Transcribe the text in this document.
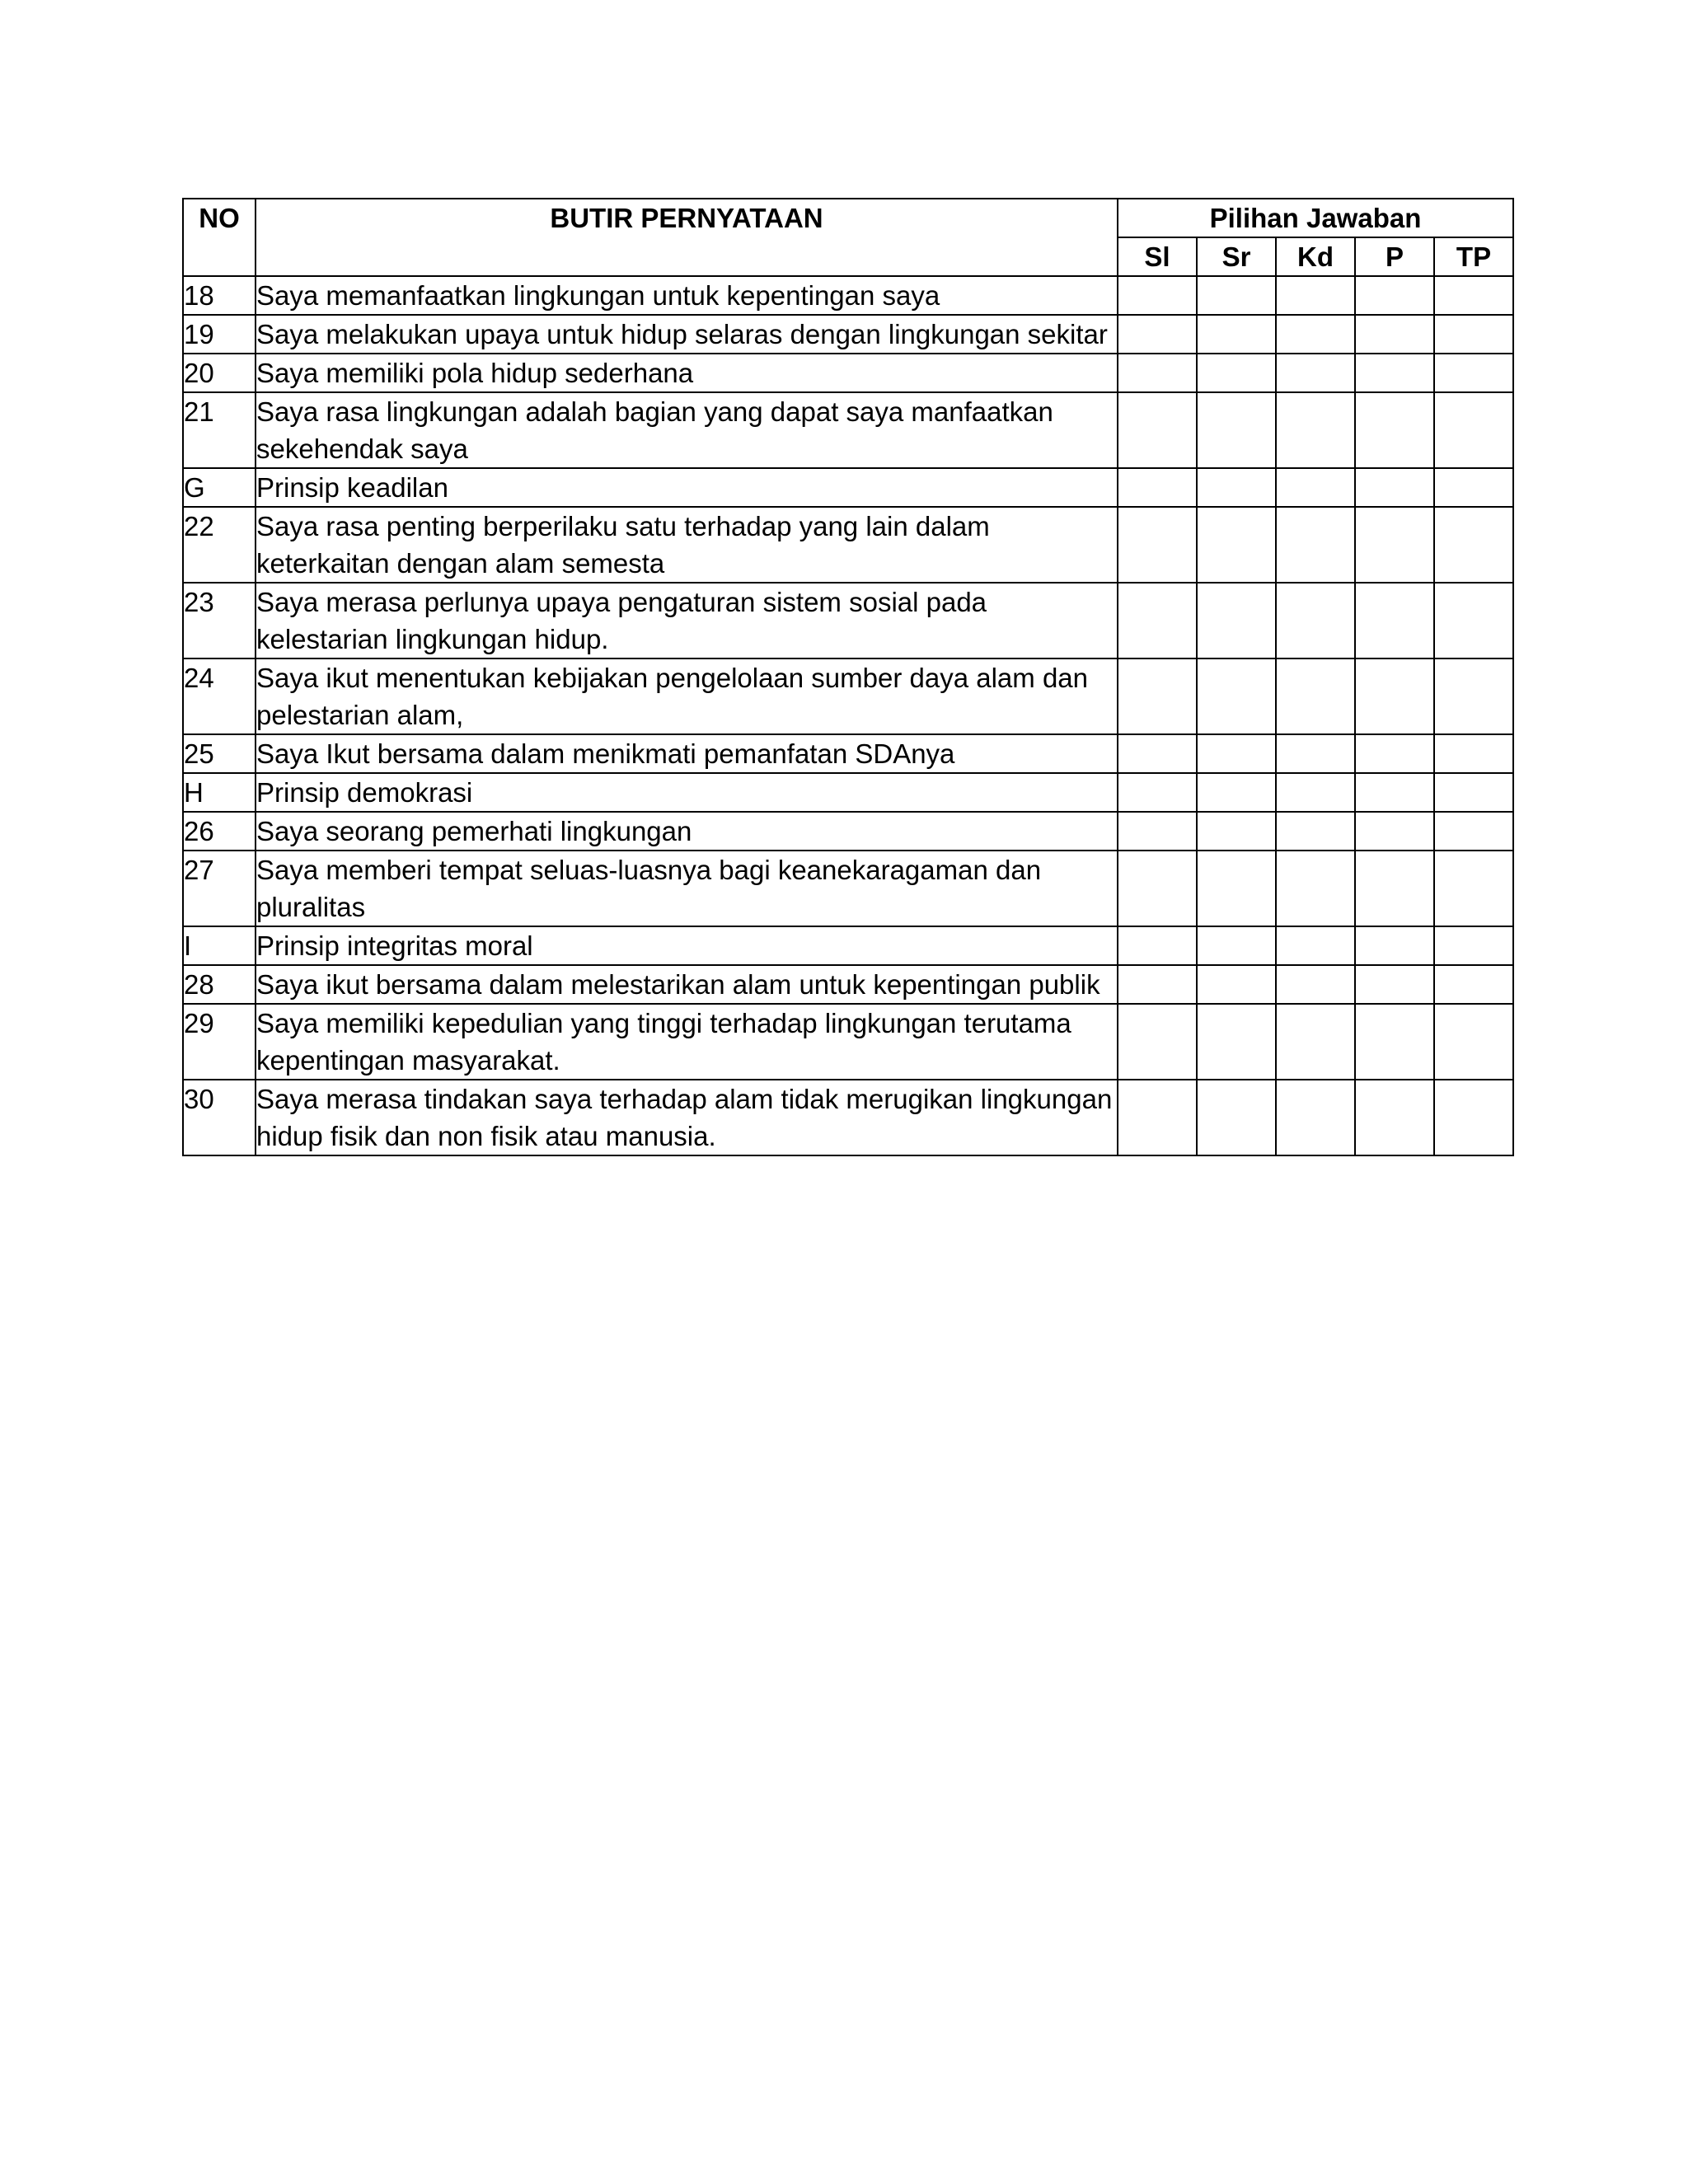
NO	BUTIR PERNYATAAN	Pilihan Jawaban				
		Sl	Sr	Kd	P	TP
18	Saya memanfaatkan lingkungan untuk kepentingan saya					
19	Saya melakukan upaya untuk hidup selaras dengan lingkungan sekitar					
20	Saya memiliki pola hidup sederhana					
21	Saya rasa lingkungan adalah bagian yang dapat saya manfaatkan sekehendak saya					
G	Prinsip keadilan					
22	Saya rasa penting berperilaku satu terhadap yang lain dalam keterkaitan dengan alam semesta					
23	Saya merasa perlunya upaya pengaturan sistem sosial pada kelestarian lingkungan hidup.					
24	Saya ikut menentukan kebijakan pengelolaan sumber daya alam dan pelestarian alam,					
25	Saya Ikut bersama dalam menikmati pemanfatan SDAnya					
H	Prinsip demokrasi					
26	Saya seorang pemerhati lingkungan					
27	Saya memberi tempat seluas-luasnya bagi keanekaragaman dan pluralitas					
I	Prinsip integritas moral					
28	Saya ikut bersama dalam melestarikan alam untuk kepentingan publik					
29	Saya memiliki kepedulian yang tinggi terhadap lingkungan terutama kepentingan masyarakat.					
30	Saya merasa tindakan saya terhadap alam tidak merugikan lingkungan hidup fisik dan non fisik atau manusia.					
